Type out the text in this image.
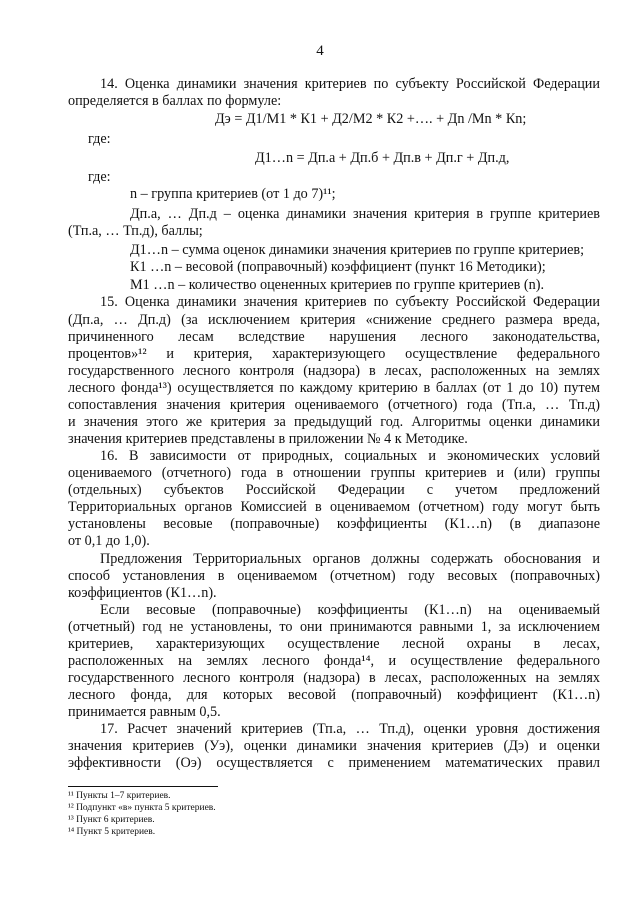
4
14. Оценка динамики значения критериев по субъекту Российской Федерации
определяется в баллах по формуле:
Дэ = Д1/М1 * К1 + Д2/М2 * К2 +…. + Дn /Мn * Кn;
где:
Д1…n = Дп.а + Дп.б + Дп.в + Дп.г + Дп.д,
где:
n – группа критериев (от 1 до 7)¹¹;
Дп.а, … Дп.д – оценка динамики значения критерия в группе критериев
(Тп.а, … Тп.д), баллы;
Д1…n – сумма оценок динамики значения критериев по группе критериев;
К1 …n – весовой (поправочный) коэффициент (пункт 16 Методики);
М1 …n – количество оцененных критериев по группе критериев (n).
15. Оценка динамики значения критериев по субъекту Российской Федерации
(Дп.а, … Дп.д) (за исключением критерия «снижение среднего размера вреда,
причиненного лесам вследствие нарушения лесного законодательства,
процентов»¹² и критерия, характеризующего осуществление федерального
государственного лесного контроля (надзора) в лесах, расположенных на землях
лесного фонда¹³) осуществляется по каждому критерию в баллах (от 1 до 10) путем
сопоставления значения критерия оцениваемого (отчетного) года (Тп.а, … Тп.д)
и значения этого же критерия за предыдущий год. Алгоритмы оценки динамики
значения критериев представлены в приложении № 4 к Методике.
16. В зависимости от природных, социальных и экономических условий
оцениваемого (отчетного) года в отношении группы критериев и (или) группы
(отдельных) субъектов Российской Федерации с учетом предложений
Территориальных органов Комиссией в оцениваемом (отчетном) году могут быть
установлены весовые (поправочные) коэффициенты (К1…n) (в диапазоне
от 0,1 до 1,0).
Предложения Территориальных органов должны содержать обоснования и
способ установления в оцениваемом (отчетном) году весовых (поправочных)
коэффициентов (К1…n).
Если весовые (поправочные) коэффициенты (К1…n) на оцениваемый
(отчетный) год не установлены, то они принимаются равными 1, за исключением
критериев, характеризующих осуществление лесной охраны в лесах,
расположенных на землях лесного фонда¹⁴, и осуществление федерального
государственного лесного контроля (надзора) в лесах, расположенных на землях
лесного фонда, для которых весовой (поправочный) коэффициент (К1…n)
принимается равным 0,5.
17. Расчет значений критериев (Тп.а, … Тп.д), оценки уровня достижения
значения критериев (Уэ), оценки динамики значения критериев (Дэ) и оценки
эффективности (Оэ) осуществляется с применением математических правил
¹¹ Пункты 1–7 критериев.
¹² Подпункт «в» пункта 5 критериев.
¹³ Пункт 6 критериев.
¹⁴ Пункт 5 критериев.
